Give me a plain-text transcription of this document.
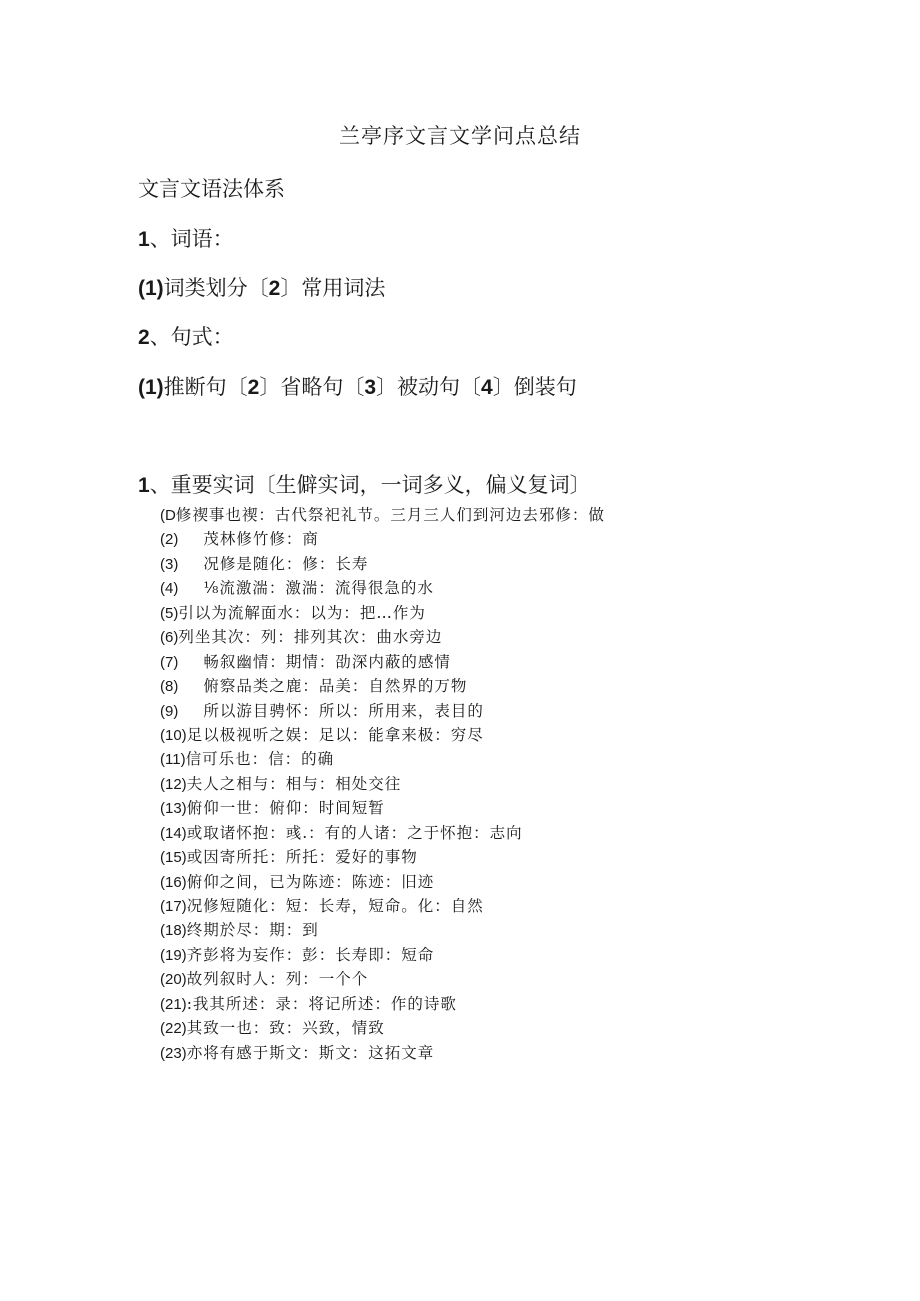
兰亭序文言文学问点总结
文言文语法体系
1、词语：
(1)词类划分〔2〕常用词法
2、句式：
(1)推断句〔2〕省略句〔3〕被动句〔4〕倒装句
1、重要实词〔生僻实词，一词多义，偏义复词〕
(D修禊事也禊：古代祭祀礼节。三月三人们到河边去邪修：做
(2) 茂林修竹修：商
(3) 况修是随化：修：长寿
(4) ⅛流激湍：激湍：流得很急的水
(5)引以为流解面水：以为：把…作为
(6)列坐其次：列：排列其次：曲水旁边
(7) 畅叙幽情：期情：劭深内蔽的感情
(8) 俯察品类之鹿：品美：自然界的万物
(9) 所以游目骋怀：所以：所用来，表目的
(10)足以极视听之娱：足以：能拿来极：穷尽
(11)信可乐也：信：的确
(12)夫人之相与：相与：相处交往
(13)俯仰一世：俯仰：时间短暂
(14)或取诸怀抱：彧.：有的人诸：之于怀抱：志向
(15)或因寄所托：所托：爱好的事物
(16)俯仰之间，已为陈迹：陈迹：旧迹
(17)况修短随化：短：长寿，短命。化：自然
(18)终期於尽：期：到
(19)齐彭将为妄作：彭：长寿即：短命
(20)故列叙时人：列：一个个
(21):我其所述：录：将记所述：作的诗歌
(22)其致一也：致：兴致，情致
(23)亦将有感于斯文：斯文：这拓文章
